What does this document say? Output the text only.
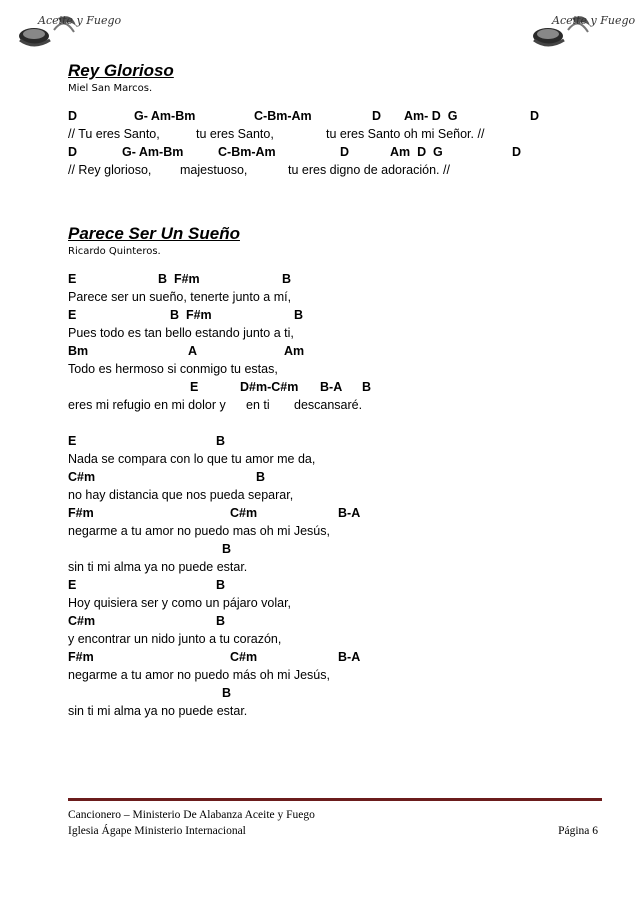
Aceite y Fuego	Aceite y Fuego
Rey Glorioso

Miel San Marcos.

D	G- Am-Bm	C-Bm-Am	D Am- D  G	D
// Tu eres Santo,	tu eres Santo,	tu eres Santo oh mi Señor. //
D	G- Am-Bm	C-Bm-Am	D	Am  D  G	D
// Rey glorioso, majestuoso,	tu eres digno de adoración. //
Parece Ser Un Sueño

Ricardo Quinteros.

E	B  F#m	B
Parece ser un sueño, tenerte junto a mí,
E	B  F#m	B
Pues todo es tan bello estando junto a ti,
Bm	A	Am
Todo es hermoso si conmigo tu estas,
E	D#m-C#m B-A B
eres mi refugio en mi dolor y en ti descansaré.
E	B
Nada se compara con lo que tu amor me da,
C#m	B
no hay distancia que nos pueda separar,
F#m	C#m	B-A
negarme a tu amor no puedo mas oh mi Jesús,
B
sin ti mi alma ya no puede estar.
E	B
Hoy quisiera ser y como un pájaro volar,
C#m	B
y encontrar un nido junto a tu corazón,
F#m	C#m	B-A
negarme a tu amor no puedo más oh mi Jesús,
B
sin ti mi alma ya no puede estar.
Cancionero – Ministerio De Alabanza Aceite y Fuego
Iglesia Ágape Ministerio Internacional	Página 6
